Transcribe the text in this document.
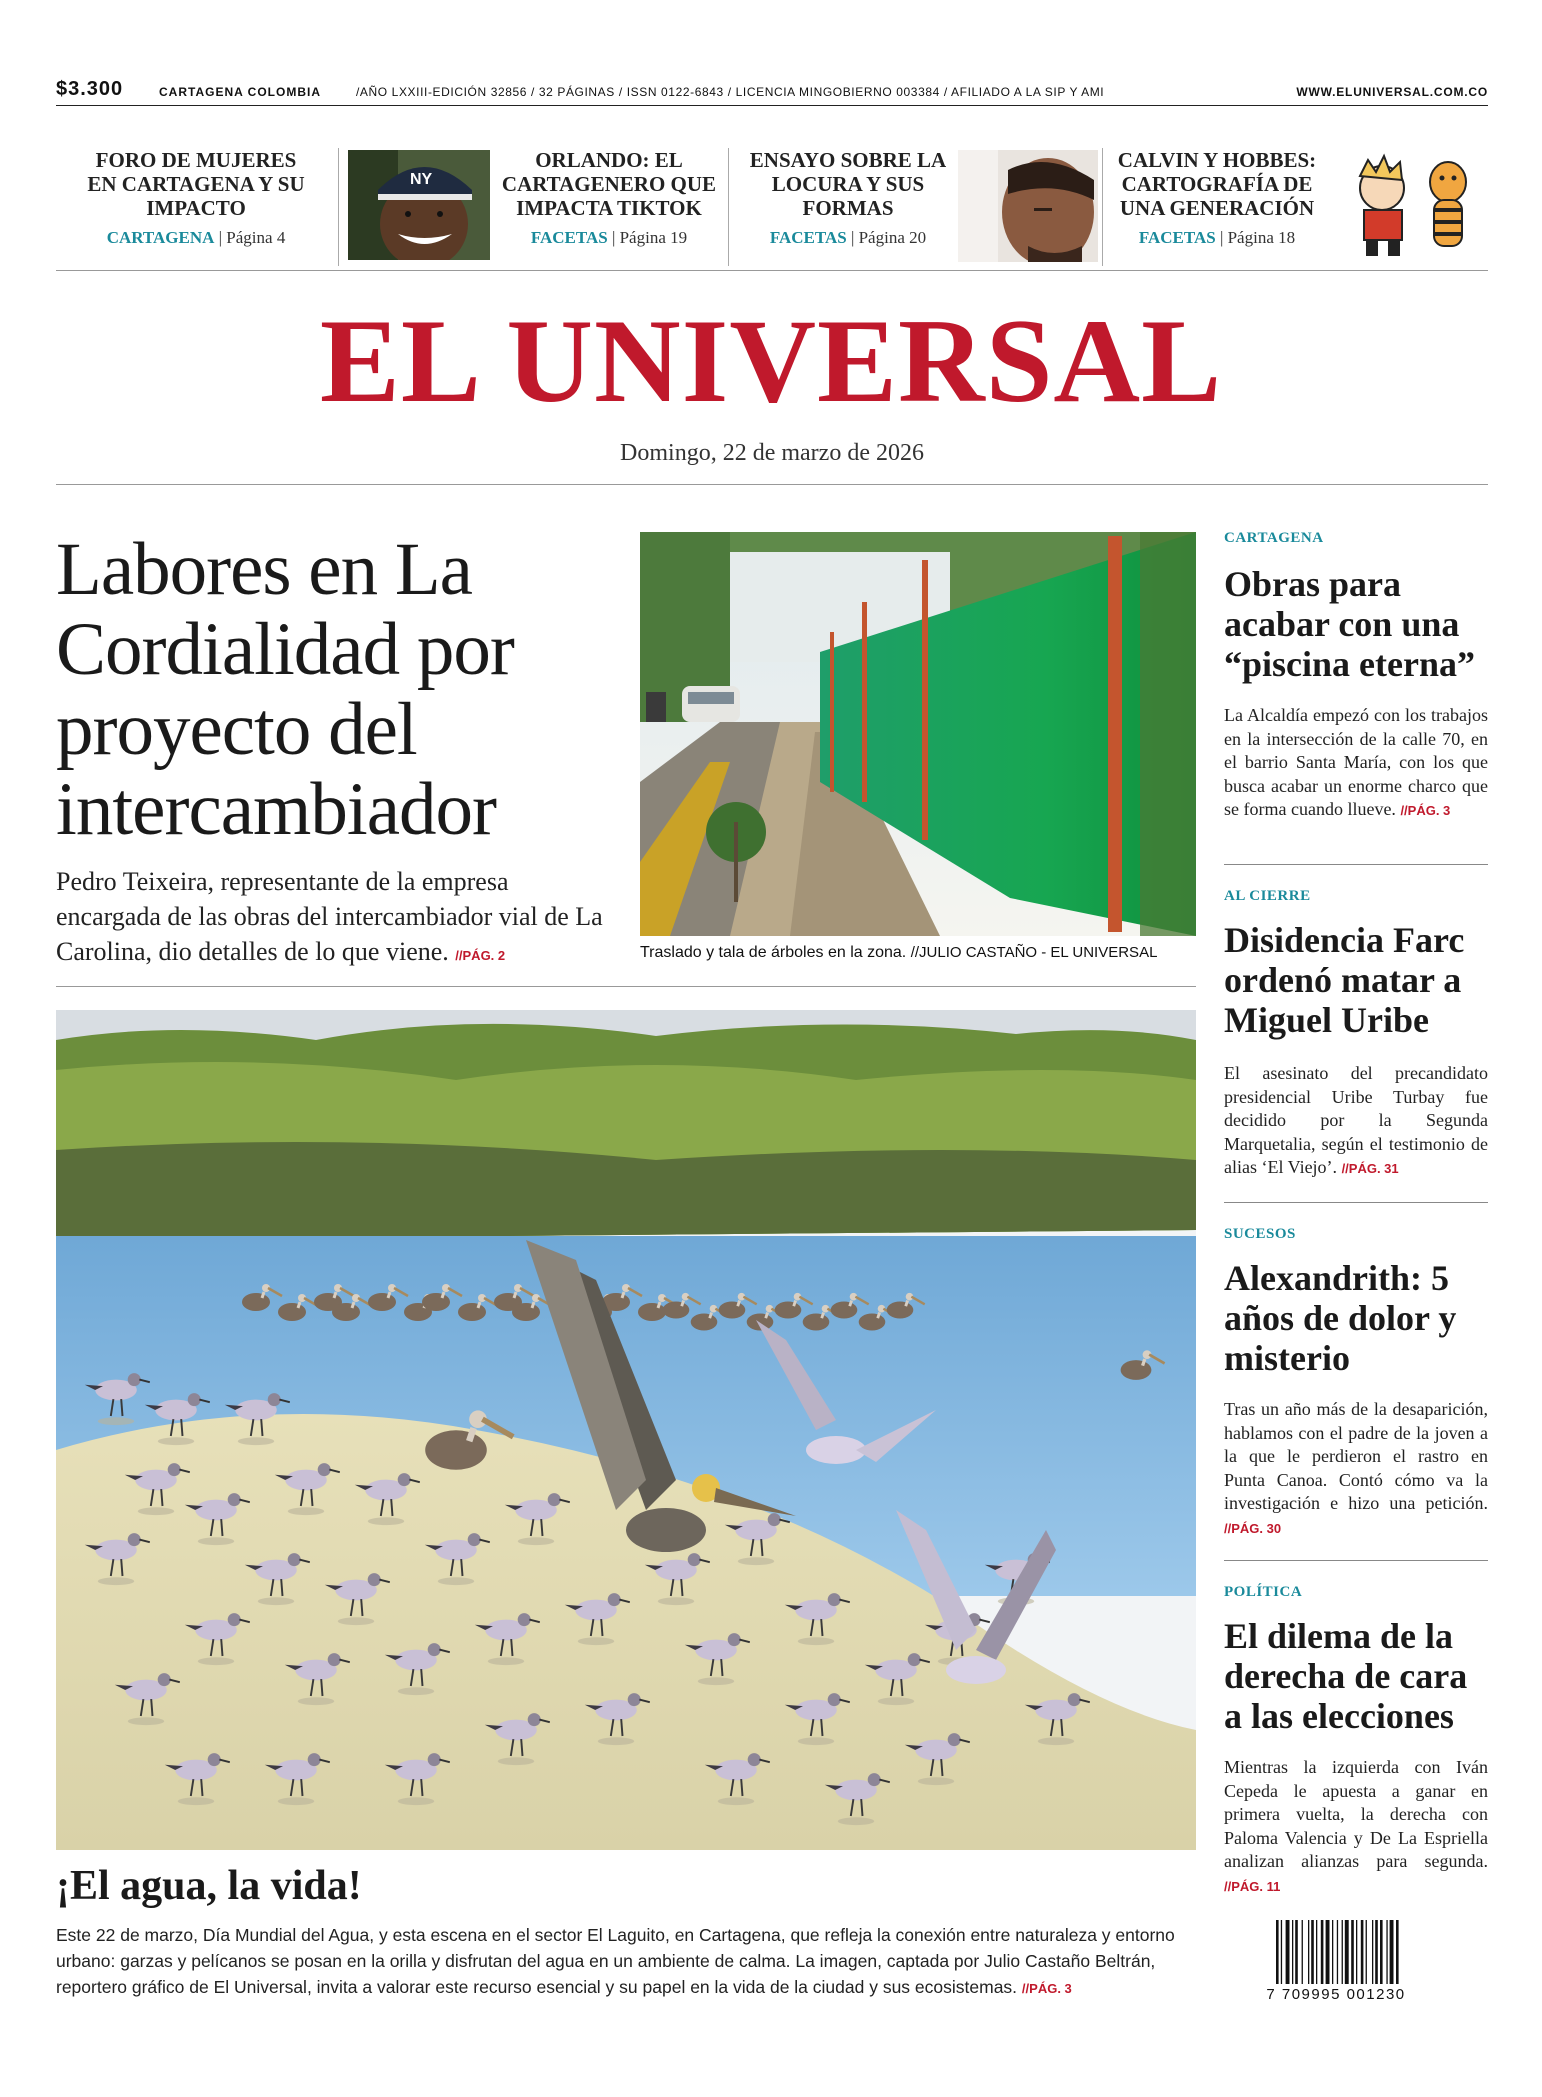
$3.300	CARTAGENA COLOMBIA	/AÑO LXXIII-EDICIÓN 32856 / 32 PÁGINAS / ISSN 0122-6843 / LICENCIA MINGOBIERNO 003384 / AFILIADO A LA SIP Y AMI	WWW.ELUNIVERSAL.COM.CO
FORO DE MUJERES EN CARTAGENA Y SU IMPACTO
CARTAGENA | Página 4
NY
ORLANDO: EL CARTAGENERO QUE IMPACTA TIKTOK
FACETAS | Página 19
ENSAYO SOBRE LA LOCURA Y SUS FORMAS
FACETAS | Página 20
CALVIN Y HOBBES: CARTOGRAFÍA DE UNA GENERACIÓN
FACETAS | Página 18
EL UNIVERSAL
Domingo, 22 de marzo de 2026
Labores en La Cordialidad por proyecto del intercambiador
Pedro Teixeira, representante de la empresa encargada de las obras del intercambiador vial de La Carolina, dio detalles de lo que viene. //PÁG. 2	Traslado y tala de árboles en la zona. //JULIO CASTAÑO - EL UNIVERSAL
CARTAGENA
Obras para acabar con una “piscina eterna”
La Alcaldía empezó con los trabajos en la intersección de la calle 70, en el barrio Santa María, con los que busca acabar un enorme charco que se forma cuando llueve. //PÁG. 3
AL CIERRE
Disidencia Farc ordenó matar a Miguel Uribe
El asesinato del precandidato presidencial Uribe Turbay fue decidido por la Segunda Marquetalia, según el testimonio de alias ‘El Viejo’. //PÁG. 31
SUCESOS
Alexandrith: 5 años de dolor y misterio
Tras un año más de la desaparición, hablamos con el padre de la joven a la que le perdieron el rastro en Punta Canoa. Contó cómo va la investigación e hizo una petición. //PÁG. 30
POLÍTICA
El dilema de la derecha de cara a las elecciones
Mientras la izquierda con Iván Cepeda le apuesta a ganar en primera vuelta, la derecha con Paloma Valencia y De La Espriella analizan alianzas para segunda. //PÁG. 11
¡El agua, la vida!
Este 22 de marzo, Día Mundial del Agua, y esta escena en el sector El Laguito, en Cartagena, que refleja la conexión entre naturaleza y entorno urbano: garzas y pelícanos se posan en la orilla y disfrutan del agua en un ambiente de calma. La imagen, captada por Julio Castaño Beltrán, reportero gráfico de El Universal, invita a valorar este recurso esencial y su papel en la vida de la ciudad y sus ecosistemas. //PÁG. 3	7 709995 001230
